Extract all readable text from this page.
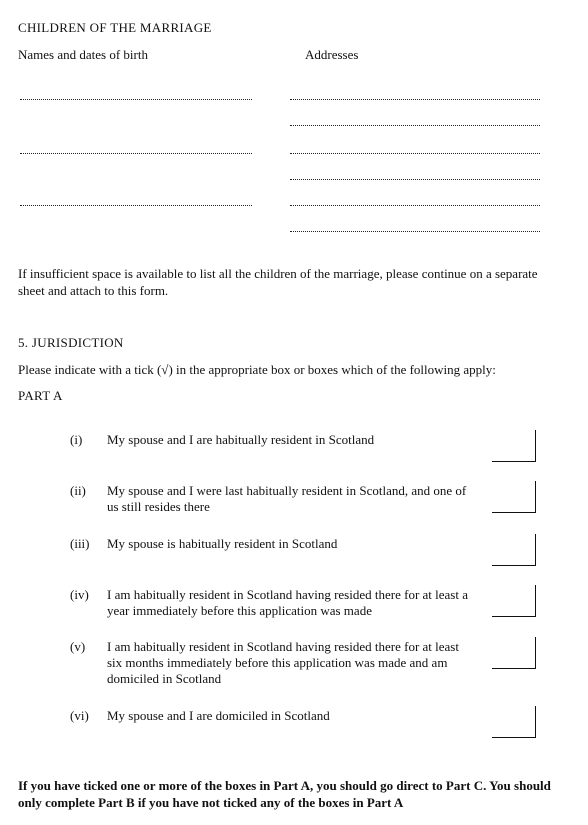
CHILDREN OF THE MARRIAGE
Names and dates of birth	Addresses
If insufficient space is available to list all the children of the marriage, please continue on a separate sheet and attach to this form.
5. JURISDICTION
Please indicate with a tick (√) in the appropriate box or boxes which of the following apply:
PART A
(i) My spouse and I are habitually resident in Scotland
(ii) My spouse and I were last habitually resident in Scotland, and one of us still resides there
(iii) My spouse is habitually resident in Scotland
(iv) I am habitually resident in Scotland having resided there for at least a year immediately before this application was made
(v) I am habitually resident in Scotland having resided there for at least six months immediately before this application was made and am domiciled in Scotland
(vi) My spouse and I are domiciled in Scotland
If you have ticked one or more of the boxes in Part A, you should go direct to Part C. You should only complete Part B if you have not ticked any of the boxes in Part A
